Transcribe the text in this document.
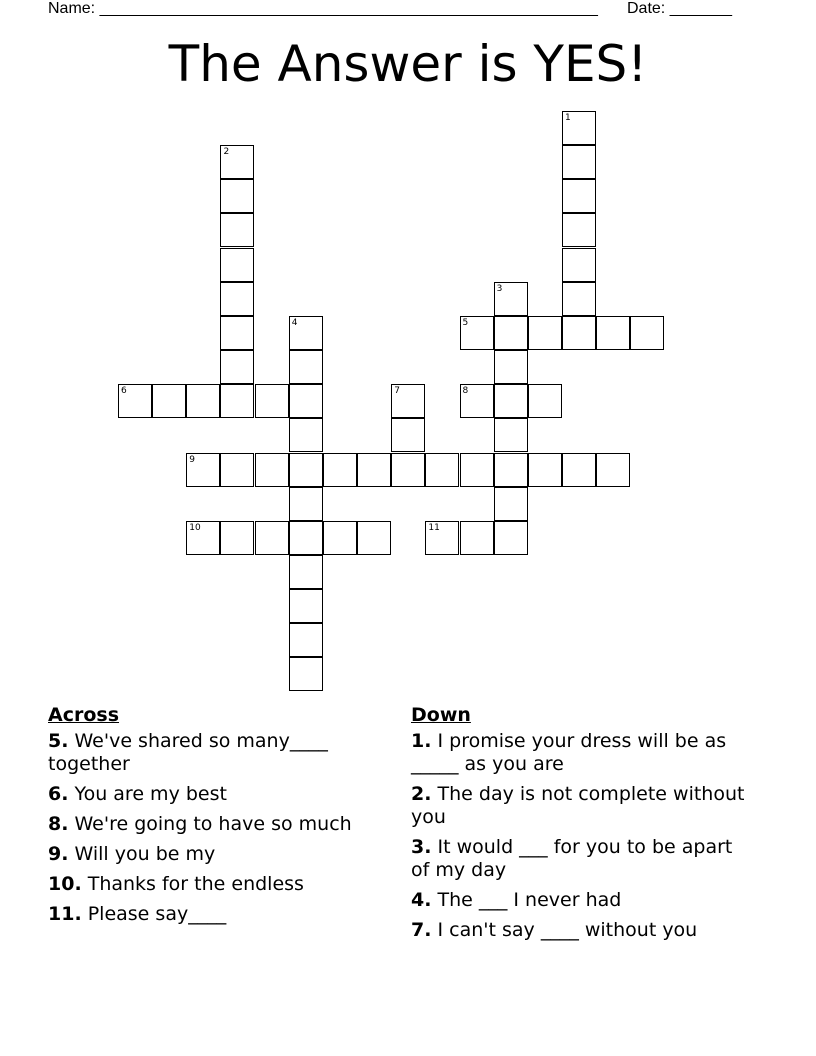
Name: ________________________________________________________ Date: _______
The Answer is YES!
1
2
3
4	5
6	7	8
9
10	11
Across
5. We've shared so many____ together
6. You are my best
8. We're going to have so much
9. Will you be my
10. Thanks for the endless
11. Please say____
Down
1. I promise your dress will be as _____ as you are
2. The day is not complete without you
3. It would ___ for you to be apart of my day
4. The ___ I never had
7. I can't say ____ without you
